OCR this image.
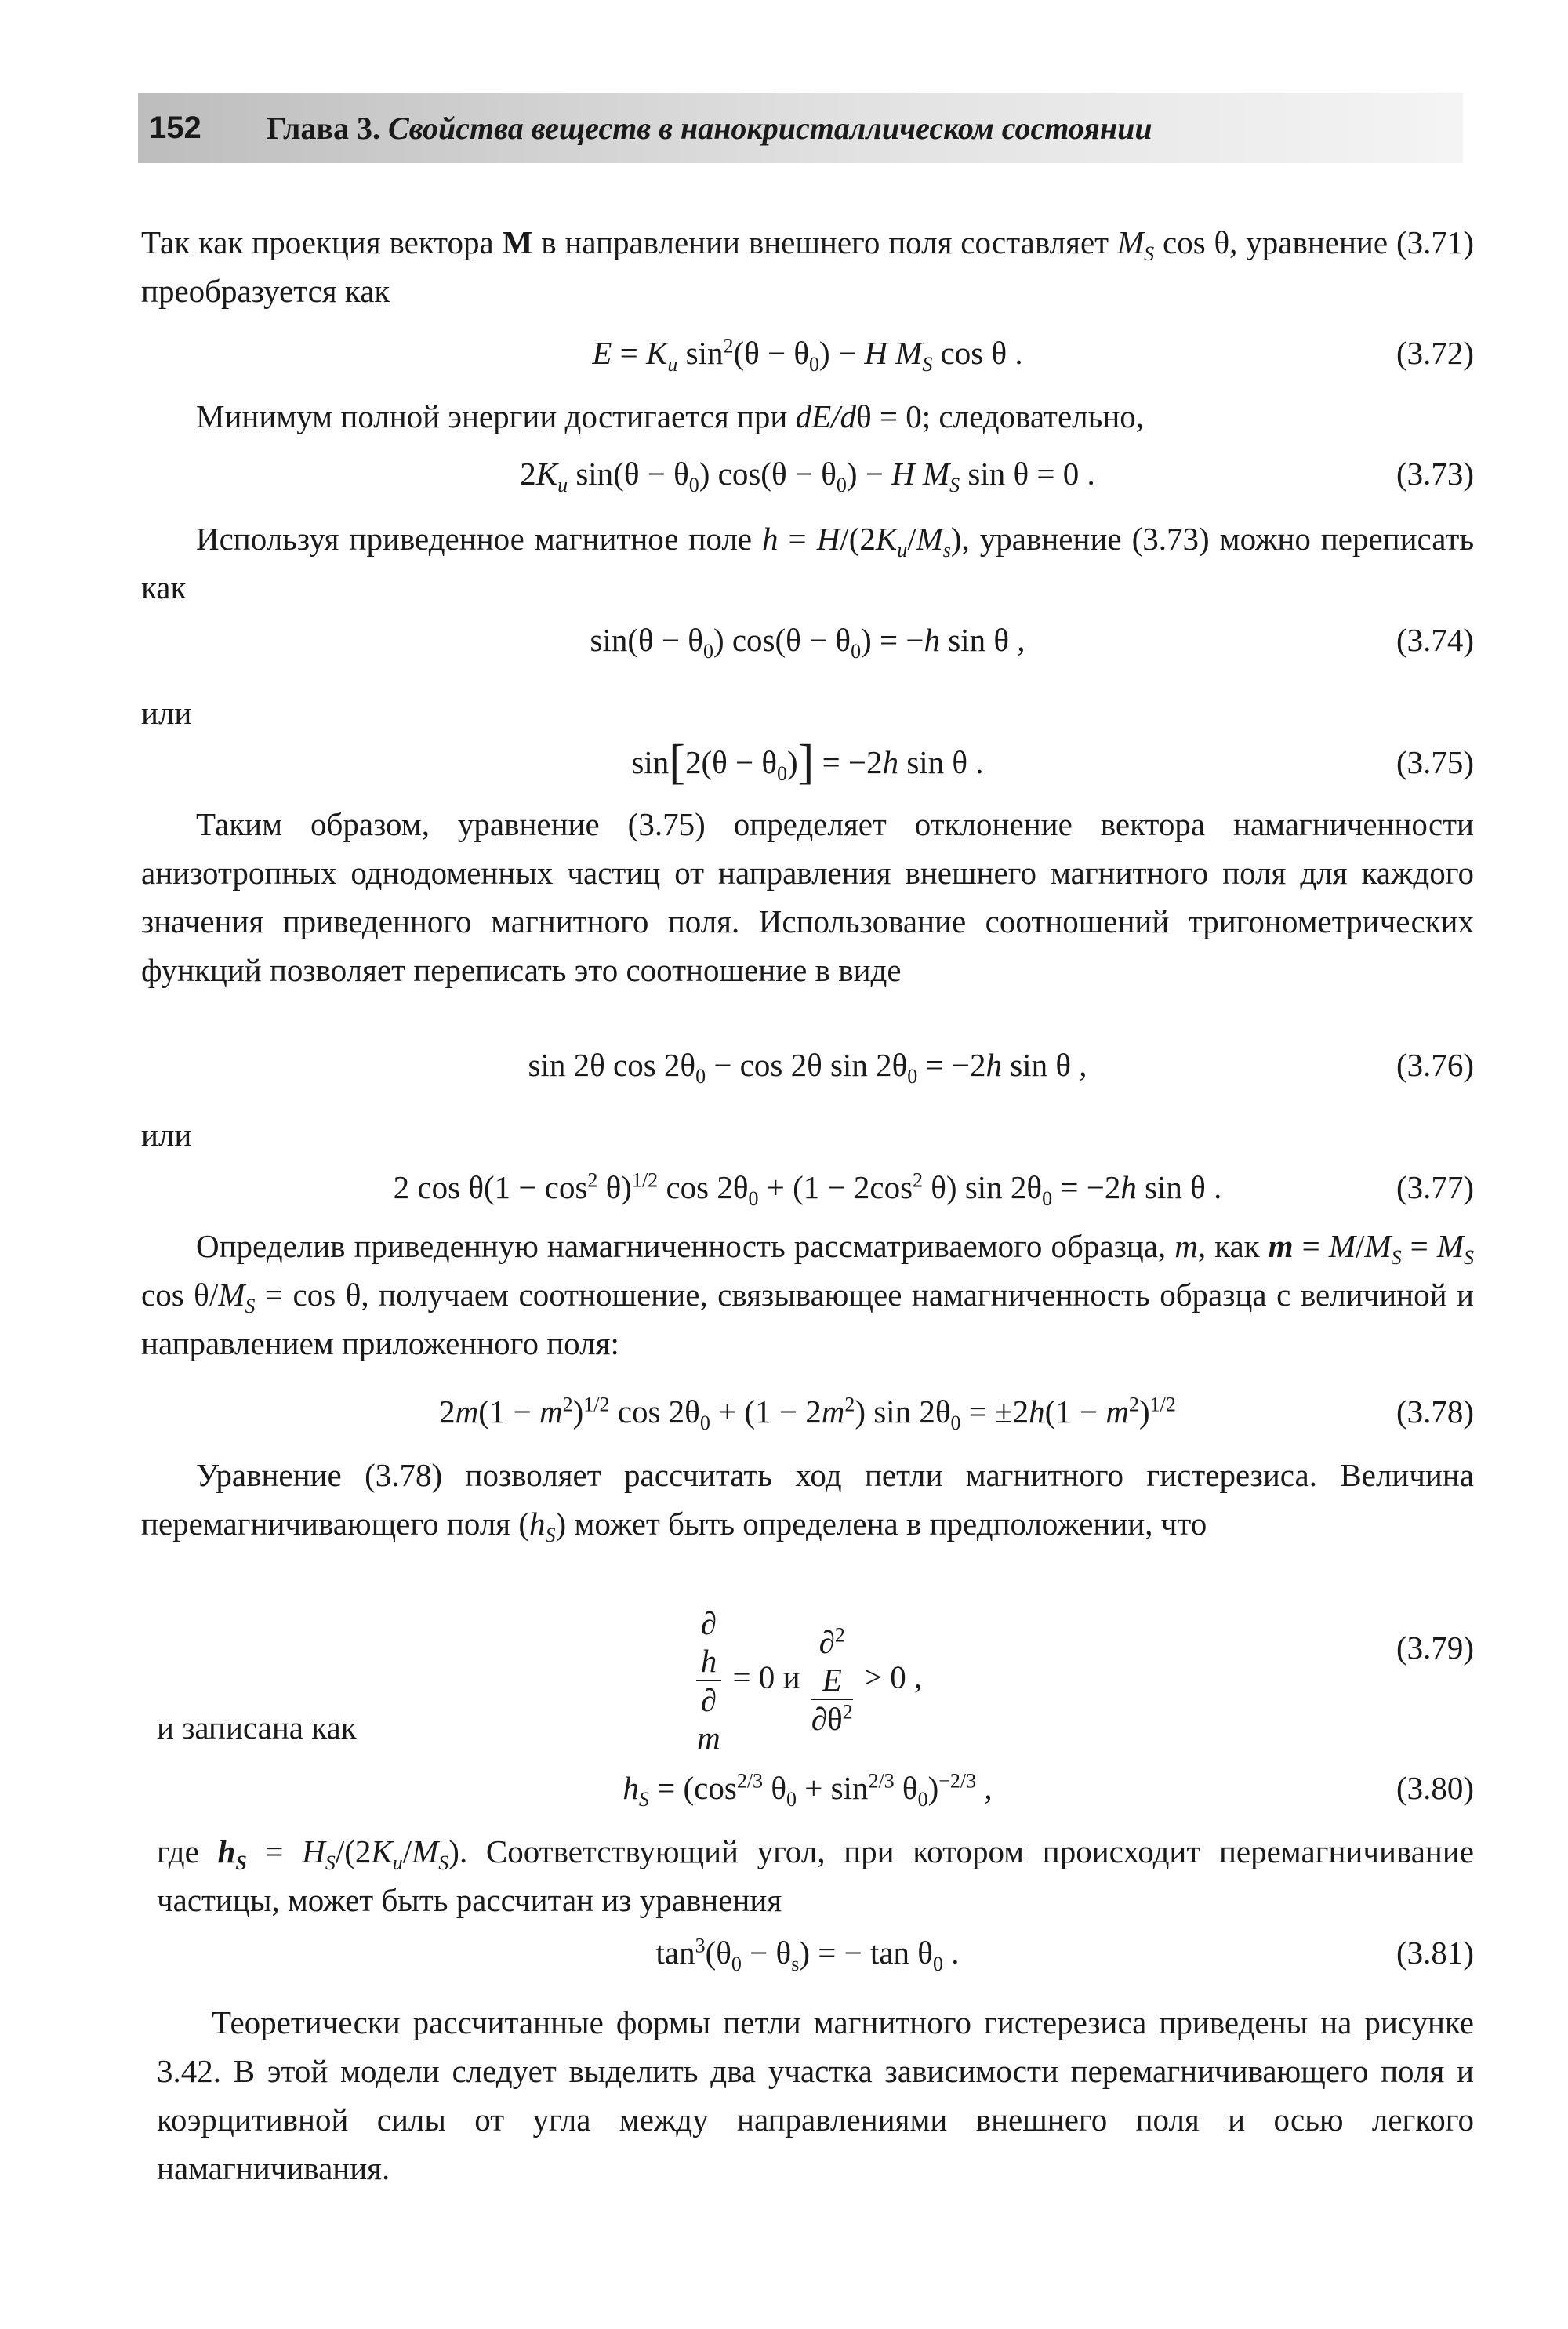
152	Глава 3. Свойства веществ в нанокристаллическом состоянии
Так как проекция вектора M в направлении внешнего поля составляет $M_S$ cos θ, уравнение (3.71) преобразуется как
$E = K_u$ $\sin^2(\theta - \theta_0) - H$ $M_S$ cos θ .	(3.72)
Минимум полной энергии достигается при dE/dθ = 0; следовательно,
$2K_u$ $\sin(\theta - \theta_0)$ $\cos(\theta - \theta_0) - H$ $M_S$ sin θ = 0 .	(3.73)
Используя приведенное магнитное поле $h = H/(2K_u/M_s)$, уравнение (3.73) можно переписать как
$\sin(\theta - \theta_0)$ $\cos(\theta - \theta_0) = -h$ sin θ ,	(3.74)
или
$\sin[2(\theta - \theta_0)] = -2h$ sin θ .	(3.75)
Таким образом, уравнение (3.75) определяет отклонение вектора намагниченности анизотропных однодоменных частиц от направления внешнего магнитного поля для каждого значения приведенного магнитного поля. Использование соотношений тригонометрических функций позволяет переписать это соотношение в виде
sin 2θ $\cos 2\theta_0 - \cos 2\theta$ $\sin 2\theta_0 = -2h$ sin θ ,	(3.76)
или
2 $\cos \theta(1 - \cos^2 \theta)^{1/2}$ $\cos 2\theta_0 + (1 - 2\cos^2$ θ) $\sin 2\theta_0 = -2h$ sin θ .	(3.77)
Определив приведенную намагниченность рассматриваемого образца, m, как $m = M/M_S = M_S$ $\cos \theta/M_S = \cos \theta$, получаем соотношение, связывающее намагниченность образца с величиной и направлением приложенного поля:
$2m(1 - m^2)^{1/2}$ $\cos 2\theta_0 + (1 - 2m^2)$ $\sin 2\theta_0 = \pm 2h(1 - m^2)^{1/2}$	(3.78)
Уравнение (3.78) позволяет рассчитать ход петли магнитного гистерезиса. Величина перемагничивающего поля $(h_S)$ может быть определена в предположении, что
∂
h
∂
m = 0 и ∂$^2$
E
$\partial\theta^2 > 0$ ,
(3.79)
и записана как
$h_S = (\cos^{2/3}$ $\theta_0 + \sin^{2/3} \theta_0)^{-2/3}$ ,	(3.80)
где $h_S = H_S/(2K_u/M_S)$. Соответствующий угол, при котором происходит перемагничивание частицы, может быть рассчитан из уравнения
$\tan^3(\theta_0 - \theta_s)$ = − $\tan \theta_0$ .	(3.81)
Теоретически рассчитанные формы петли магнитного гистерезиса приведены на рисунке 3.42. В этой модели следует выделить два участка зависимости перемагничивающего поля и коэрцитивной силы от угла между направлениями внешнего поля и осью легкого намагничивания.
